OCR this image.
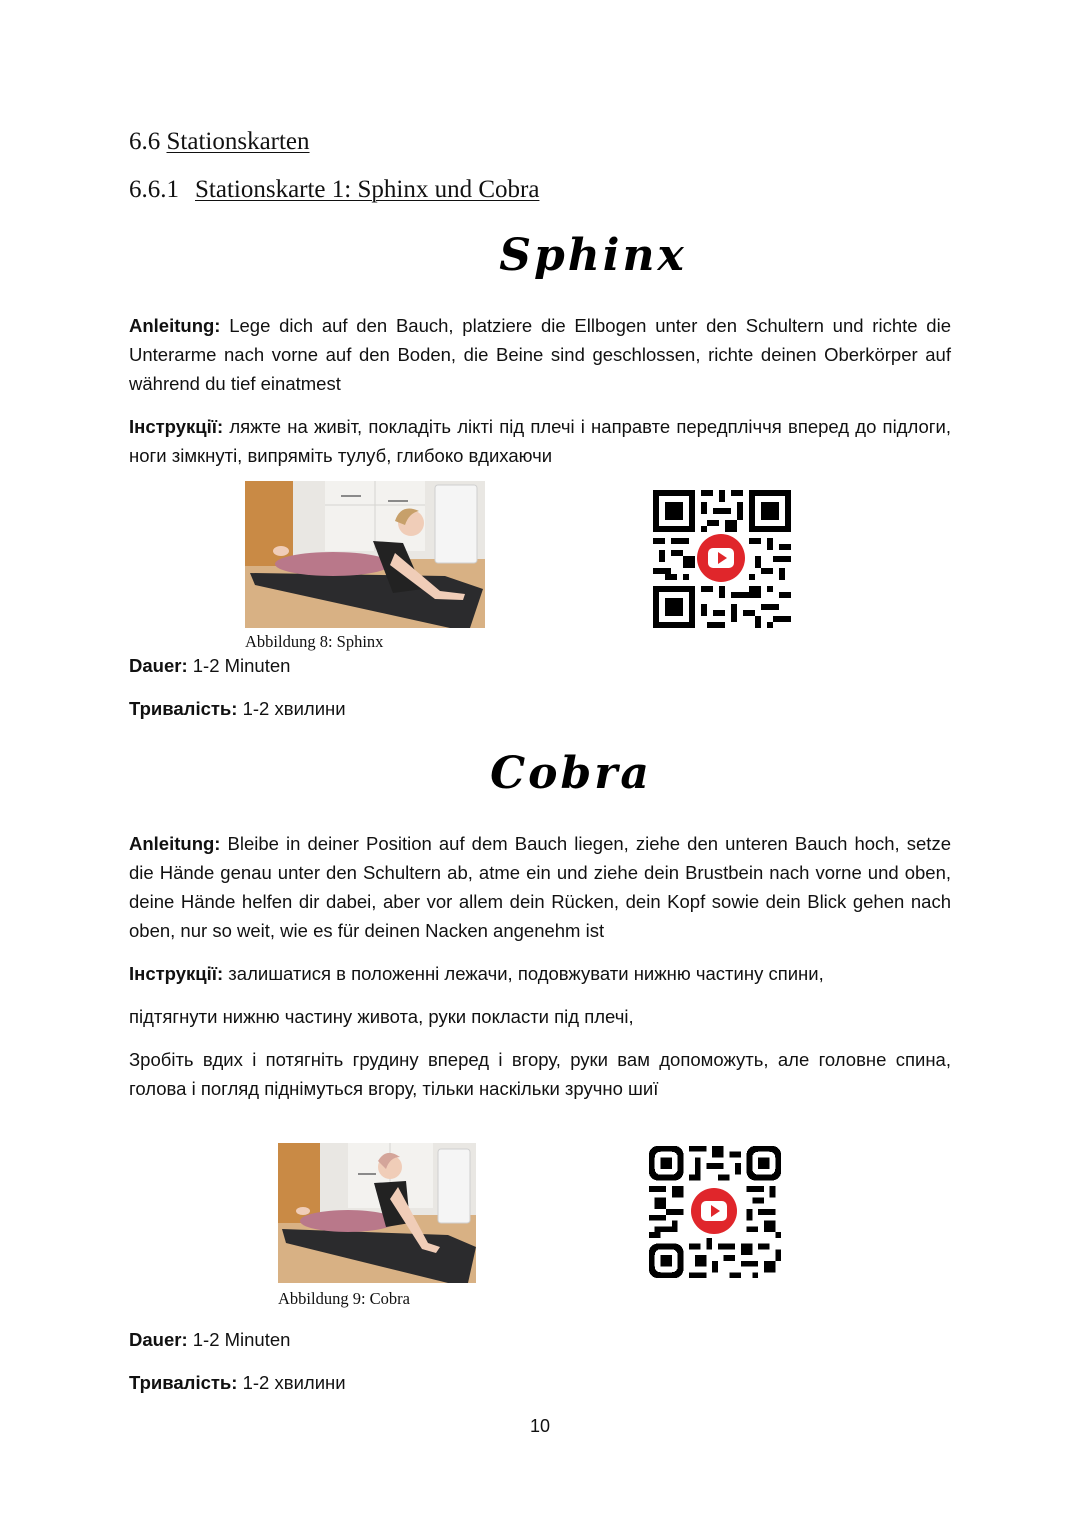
6.6 Stationskarten
6.6.1 Stationskarte 1: Sphinx und Cobra
Sphinx
Anleitung: Lege dich auf den Bauch, platziere die Ellbogen unter den Schultern und richte die Unterarme nach vorne auf den Boden, die Beine sind geschlossen, richte deinen Oberkörper auf während du tief einatmest
Інструкції: ляжте на живіт, покладіть лікті під плечі і направте передпліччя вперед до підлоги, ноги зімкнуті, випряміть тулуб, глибоко вдихаючи
Abbildung 8: Sphinx
Dauer: 1-2 Minuten
Тривалість: 1-2 хвилини
Cobra
Anleitung: Bleibe in deiner Position auf dem Bauch liegen, ziehe den unteren Bauch hoch, setze die Hände genau unter den Schultern ab, atme ein und ziehe dein Brustbein nach vorne und oben, deine Hände helfen dir dabei, aber vor allem dein Rücken, dein Kopf sowie dein Blick gehen nach oben, nur so weit, wie es für deinen Nacken angenehm ist
Інструкції: залишатися в положенні лежачи, подовжувати нижню частину спини,
підтягнути нижню частину живота, руки покласти під плечі,
Зробіть вдих і потягніть грудину вперед і вгору, руки вам допоможуть, але головне спина, голова і погляд піднімуться вгору, тільки наскільки зручно шиї
Abbildung 9: Cobra
Dauer: 1-2 Minuten
Тривалість: 1-2 хвилини
10
